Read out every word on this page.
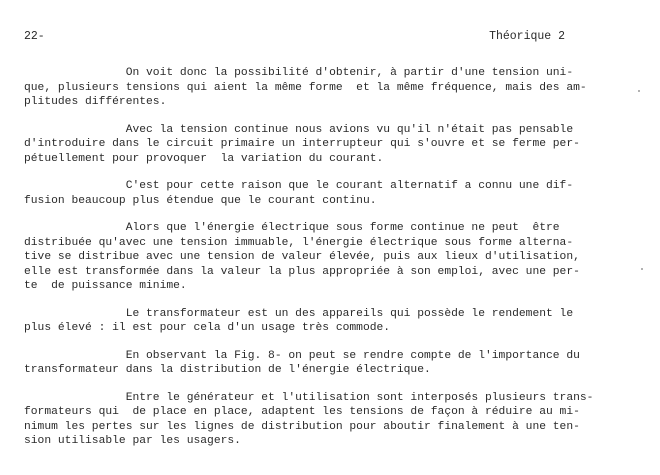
22-	Théorique 2

On voit donc la possibilité d'obtenir, à partir d'une tension uni-
que, plusieurs tensions qui aient la même forme  et la même fréquence, mais des am-
plitudes différentes.

Avec la tension continue nous avions vu qu'il n'était pas pensable
d'introduire dans le circuit primaire un interrupteur qui s'ouvre et se ferme per-
pétuellement pour provoquer  la variation du courant.

C'est pour cette raison que le courant alternatif a connu une dif-
fusion beaucoup plus étendue que le courant continu.

Alors que l'énergie électrique sous forme continue ne peut  être
distribuée qu'avec une tension immuable, l'énergie électrique sous forme alterna-
tive se distribue avec une tension de valeur élevée, puis aux lieux d'utilisation,
elle est transformée dans la valeur la plus appropriée à son emploi, avec une per-
te  de puissance minime.

Le transformateur est un des appareils qui possède le rendement le
plus élevé : il est pour cela d'un usage très commode.

En observant la Fig. 8- on peut se rendre compte de l'importance du
transformateur dans la distribution de l'énergie électrique.

Entre le générateur et l'utilisation sont interposés plusieurs trans-
formateurs qui  de place en place, adaptent les tensions de façon à réduire au mi-
nimum les pertes sur les lignes de distribution pour aboutir finalement à une ten-
sion utilisable par les usagers.
